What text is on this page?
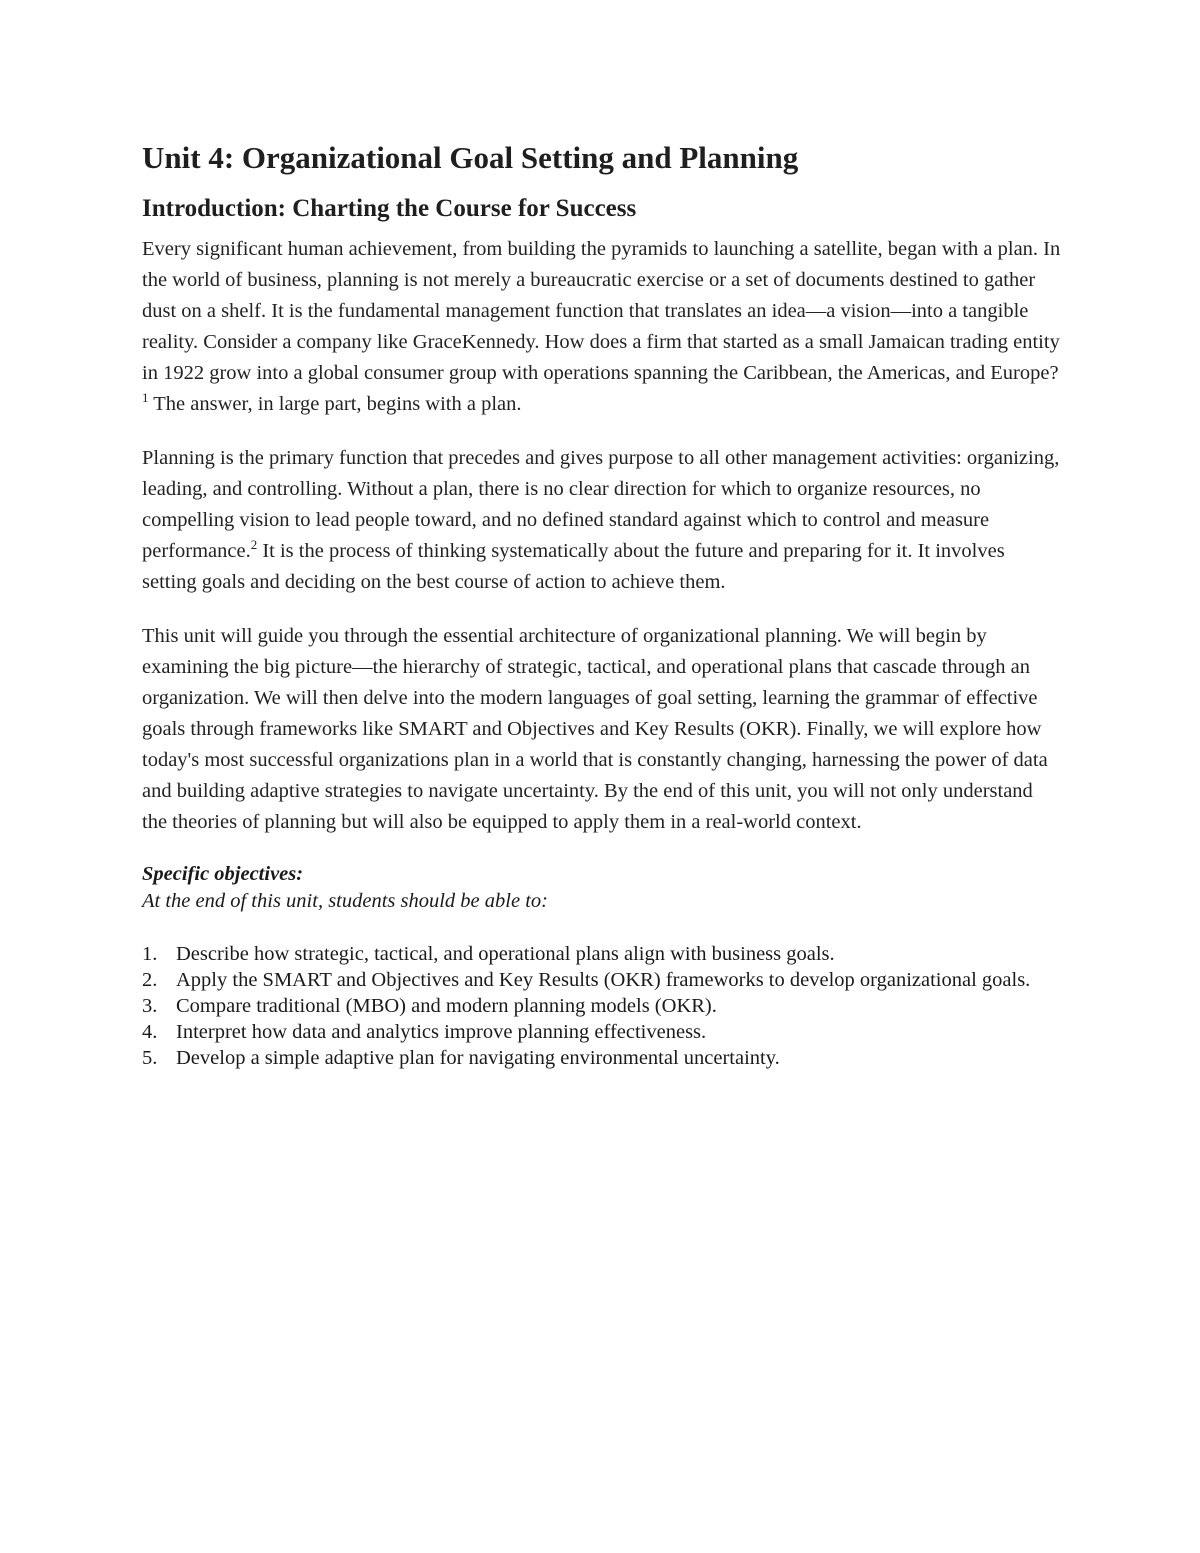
Unit 4: Organizational Goal Setting and Planning
Introduction: Charting the Course for Success

Every significant human achievement, from building the pyramids to launching a satellite, began with a plan. In the world of business, planning is not merely a bureaucratic exercise or a set of documents destined to gather dust on a shelf. It is the fundamental management function that translates an idea—a vision—into a tangible reality. Consider a company like GraceKennedy. How does a firm that started as a small Jamaican trading entity in 1922 grow into a global consumer group with operations spanning the Caribbean, the Americas, and Europe?$^1$ The answer, in large part, begins with a plan.

Planning is the primary function that precedes and gives purpose to all other management activities: organizing, leading, and controlling. Without a plan, there is no clear direction for which to organize resources, no compelling vision to lead people toward, and no defined standard against which to control and measure performance.$^2$ It is the process of thinking systematically about the future and preparing for it. It involves setting goals and deciding on the best course of action to achieve them.

This unit will guide you through the essential architecture of organizational planning. We will begin by examining the big picture—the hierarchy of strategic, tactical, and operational plans that cascade through an organization. We will then delve into the modern languages of goal setting, learning the grammar of effective goals through frameworks like SMART and Objectives and Key Results (OKR). Finally, we will explore how today's most successful organizations plan in a world that is constantly changing, harnessing the power of data and building adaptive strategies to navigate uncertainty. By the end of this unit, you will not only understand the theories of planning but will also be equipped to apply them in a real-world context.

Specific objectives:
At the end of this unit, students should be able to:
1. Describe how strategic, tactical, and operational plans align with business goals.
2. Apply the SMART and Objectives and Key Results (OKR) frameworks to develop organizational goals.
3. Compare traditional (MBO) and modern planning models (OKR).
4. Interpret how data and analytics improve planning effectiveness.
5. Develop a simple adaptive plan for navigating environmental uncertainty.
